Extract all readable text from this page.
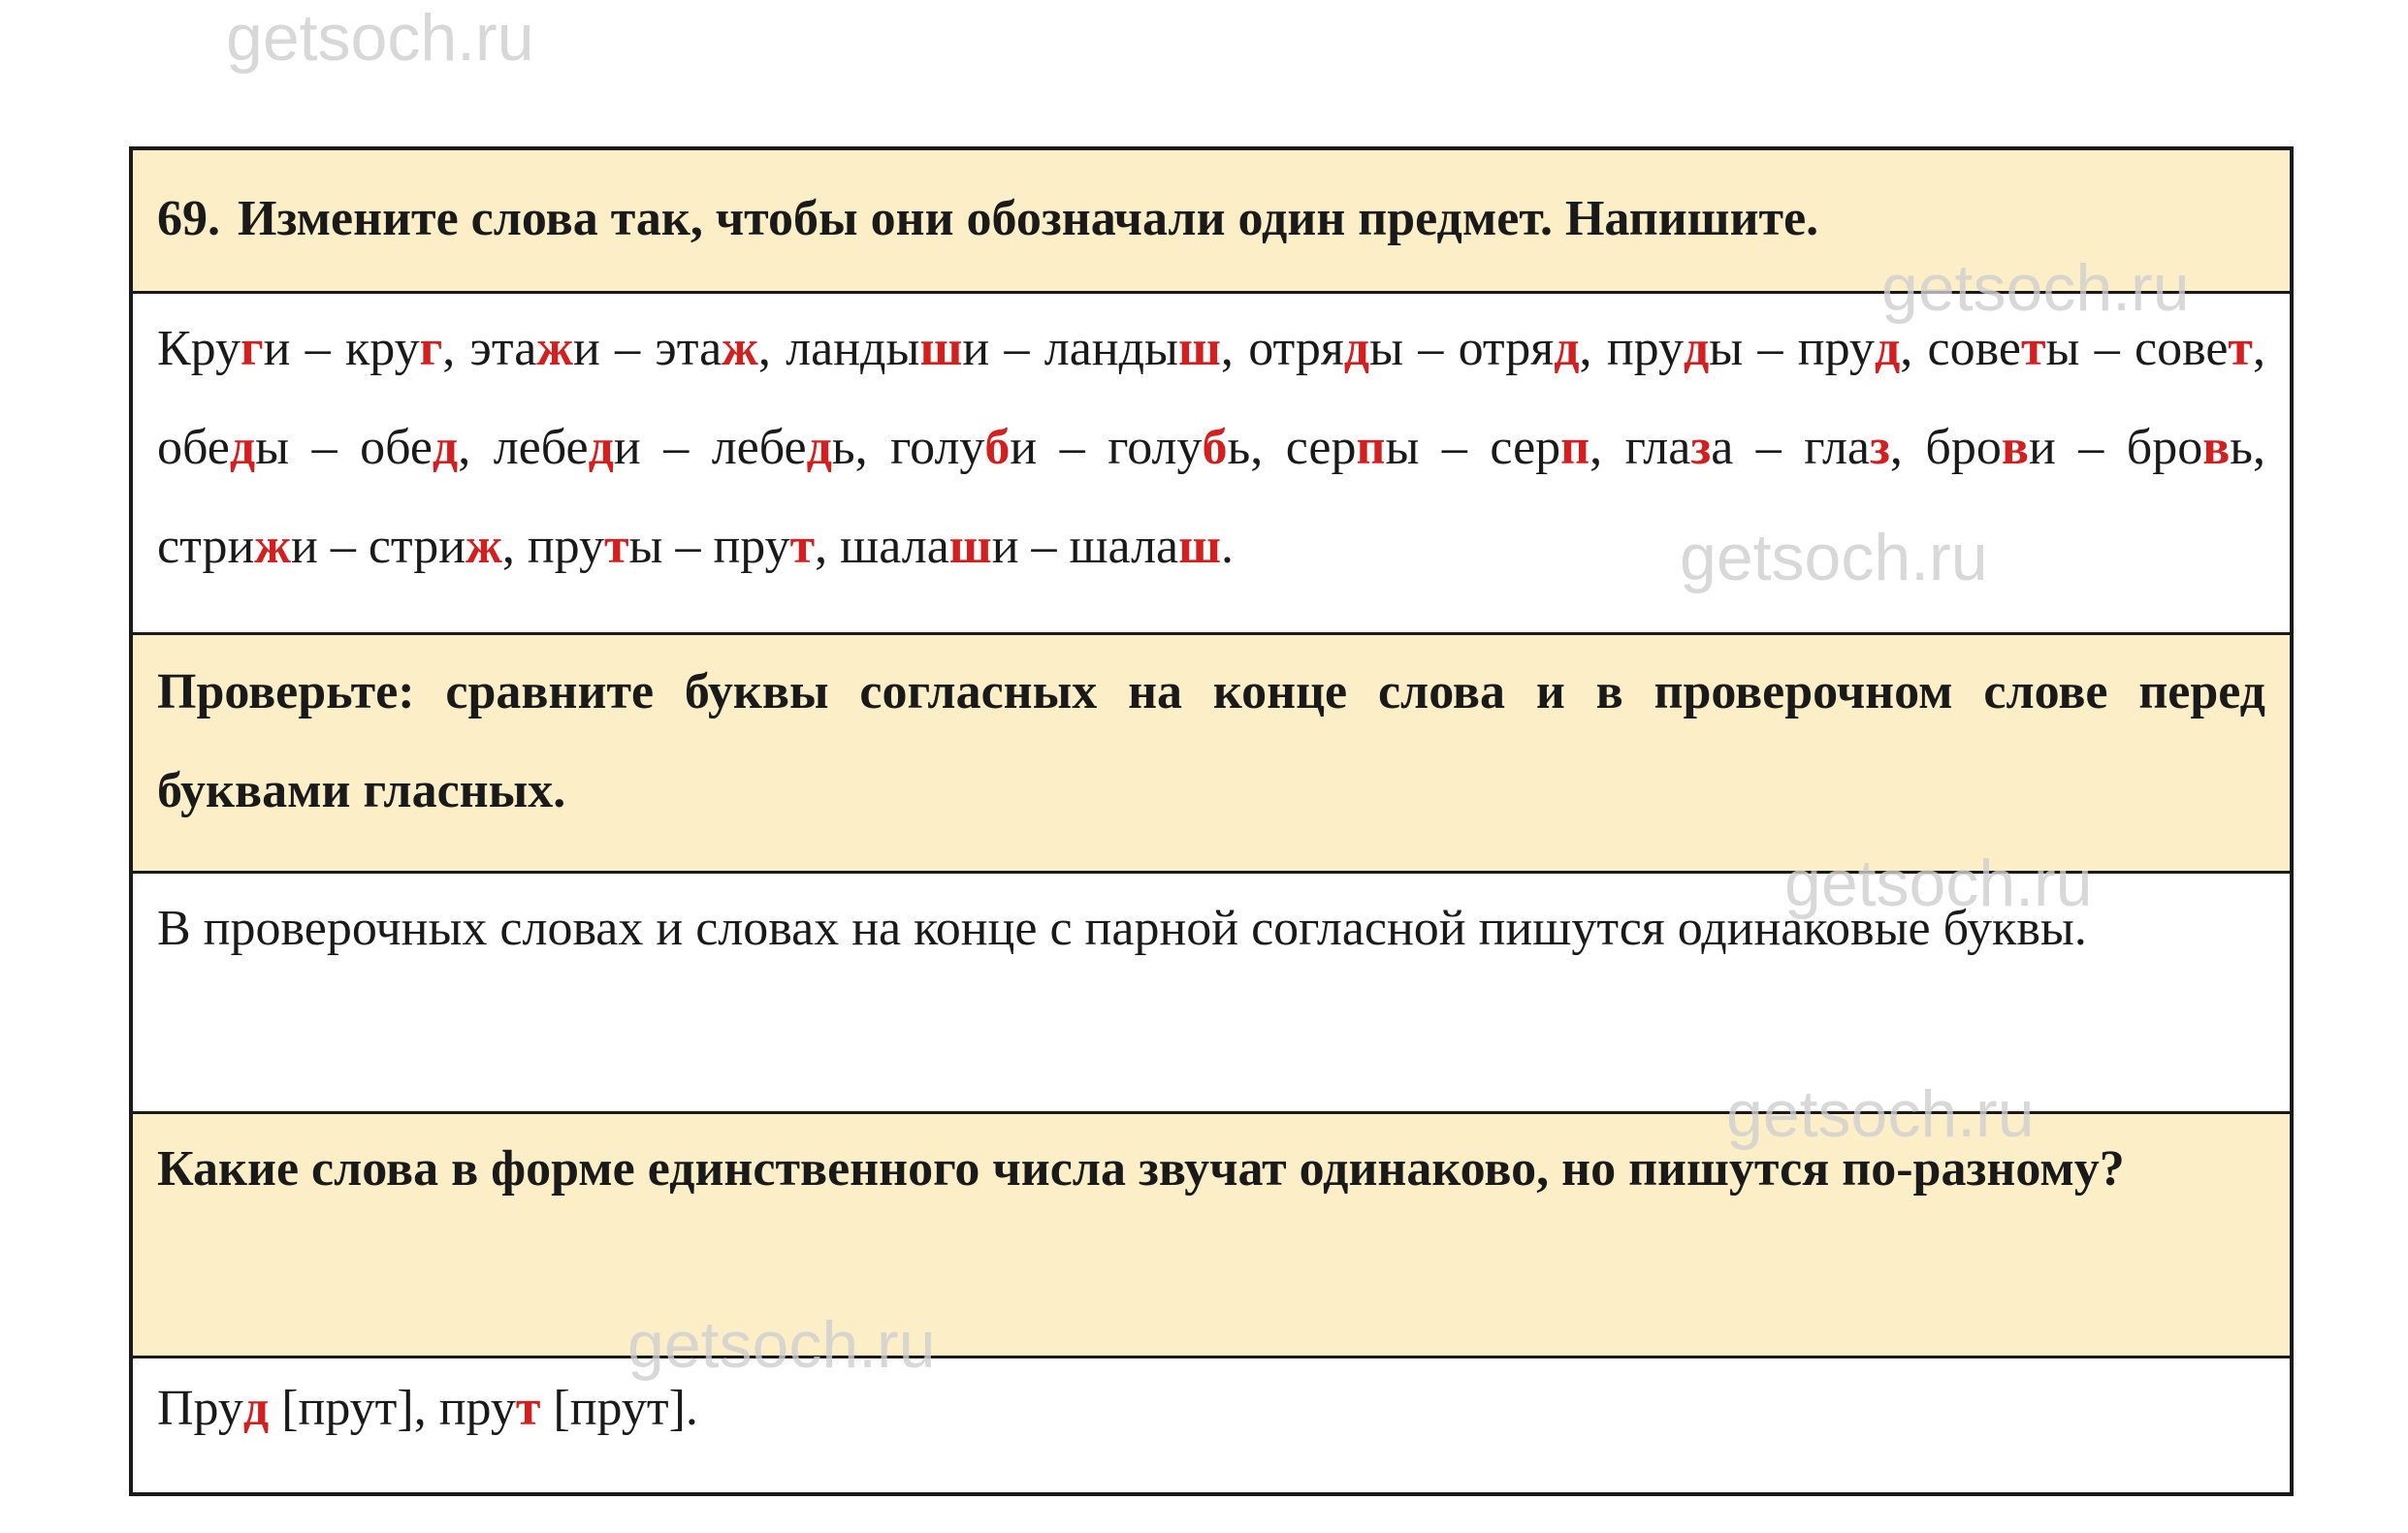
getsoch.ru
getsoch.ru
getsoch.ru
getsoch.ru
getsoch.ru
getsoch.ru
69. Измените слова так, чтобы они обозначали один предмет. Напишите.
Круги – круг, этажи – этаж, ландыши – ландыш, отряды – отряд, пруды – пруд, советы – совет, обеды – обед, лебеди – лебедь, голуби – голубь, серпы – серп, глаза – глаз, брови – бровь, стрижи – стриж, пруты – прут, шалаши – шалаш.
Проверьте: сравните буквы согласных на конце слова и в проверочном слове перед буквами гласных.
В проверочных словах и словах на конце с парной согласной пишутся одинаковые буквы.
Какие слова в форме единственного числа звучат одинаково, но пишутся по-разному?
Пруд [прут], прут [прут].
